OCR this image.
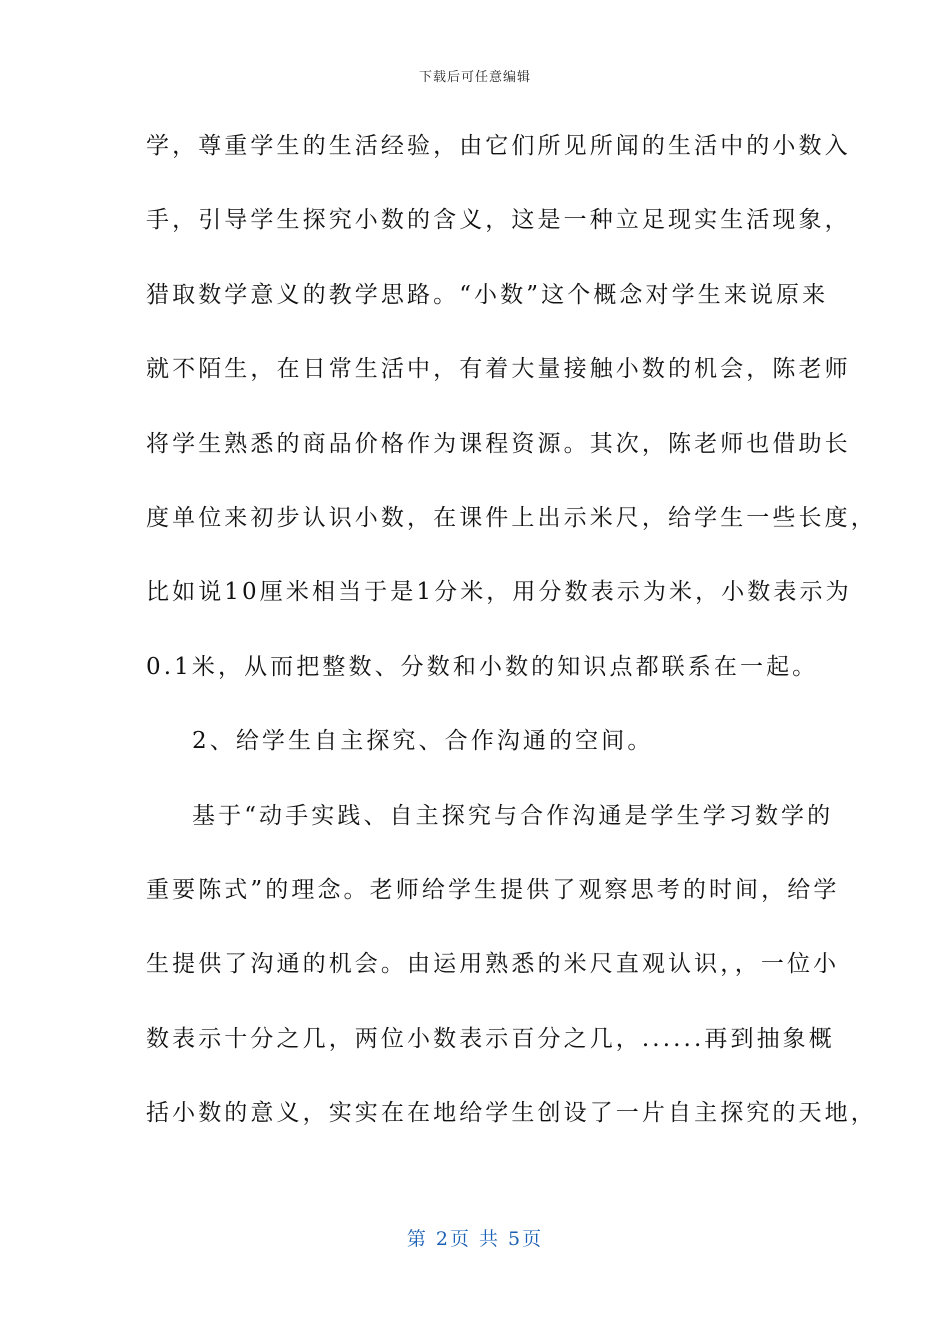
下载后可任意编辑
学，尊重学生的生活经验，由它们所见所闻的生活中的小数入
手，引导学生探究小数的含义，这是一种立足现实生活现象，
猎取数学意义的教学思路。“小数”这个概念对学生来说原来
就不陌生，在日常生活中，有着大量接触小数的机会，陈老师
将学生熟悉的商品价格作为课程资源。其次，陈老师也借助长
度单位来初步认识小数，在课件上出示米尺，给学生一些长度，
比如说10厘米相当于是1分米，用分数表示为米，小数表示为
0.1米，从而把整数、分数和小数的知识点都联系在一起。
2、给学生自主探究、合作沟通的空间。
基于“动手实践、自主探究与合作沟通是学生学习数学的
重要陈式”的理念。老师给学生提供了观察思考的时间，给学
生提供了沟通的机会。由运用熟悉的米尺直观认识，，一位小
数表示十分之几，两位小数表示百分之几，......再到抽象概
括小数的意义，实实在在地给学生创设了一片自主探究的天地，
第 2页 共 5页
